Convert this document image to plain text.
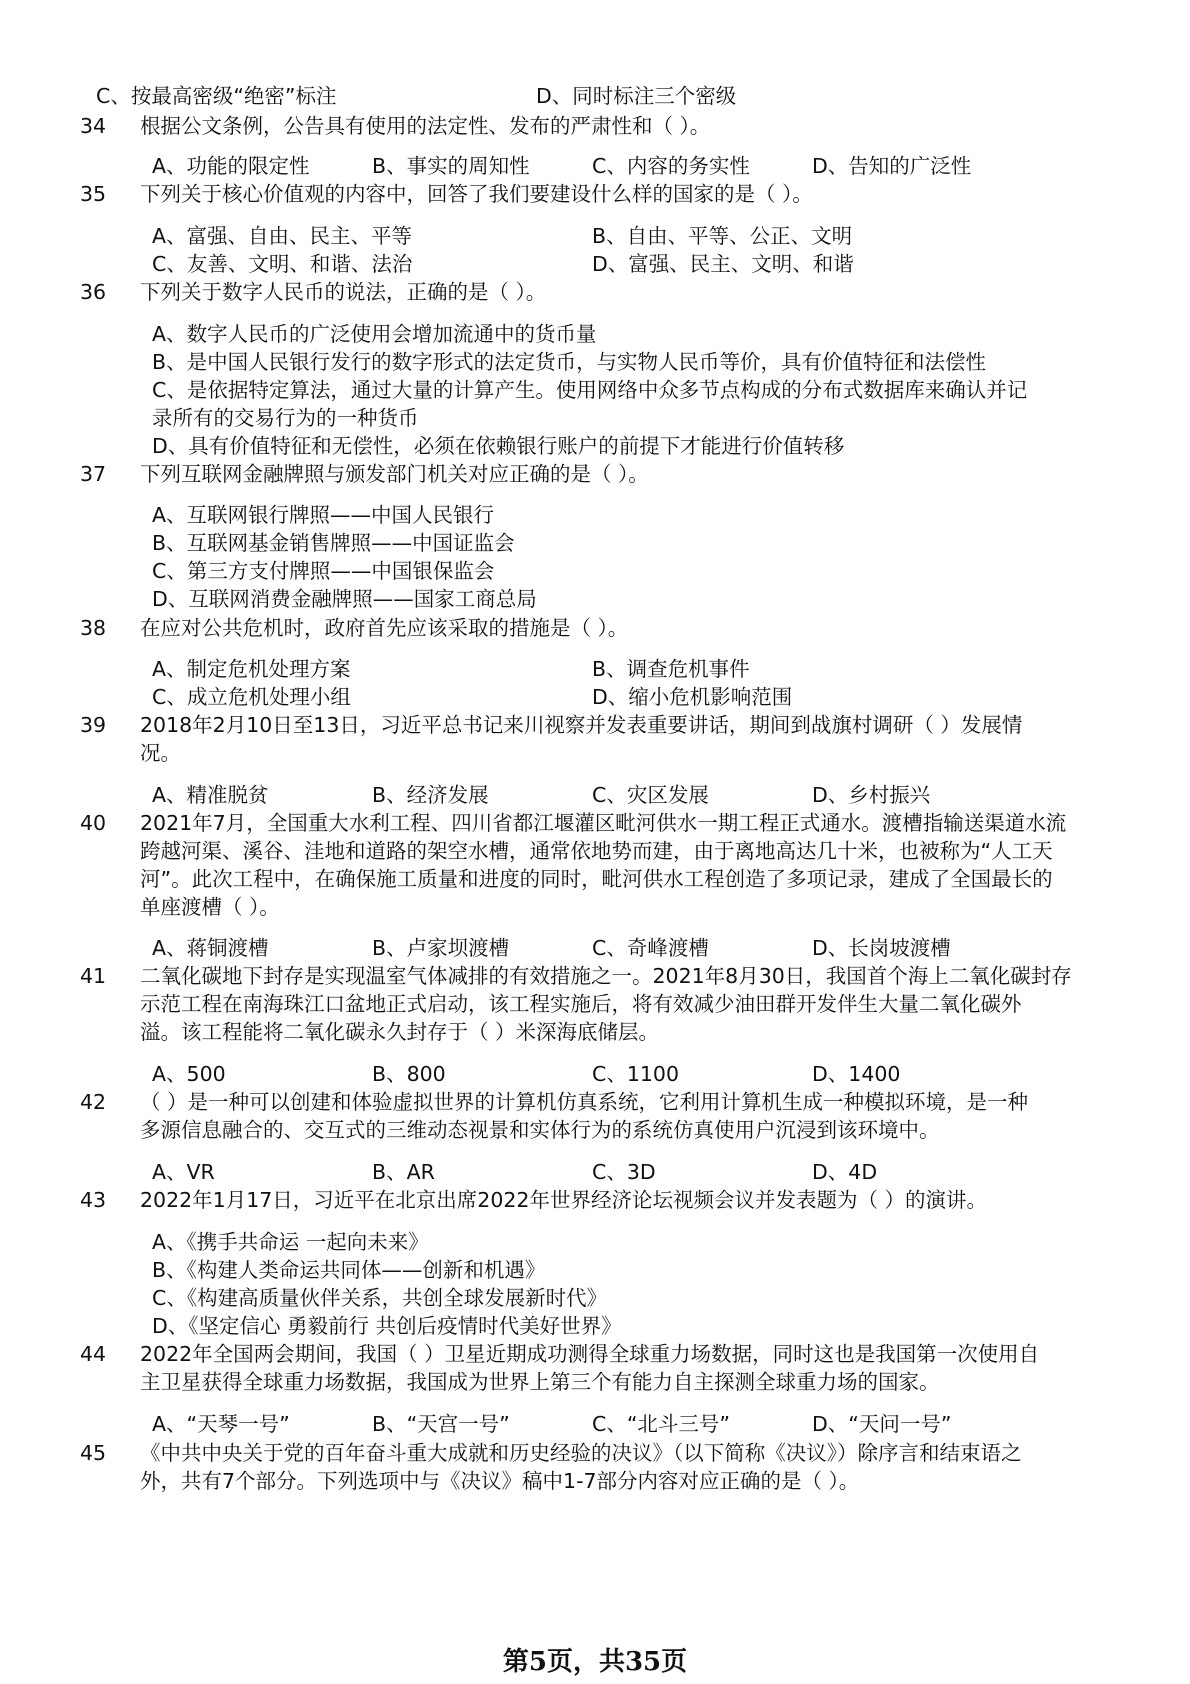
C、按最高密级“绝密”标注	D、同时标注三个密级
34 根据公文条例，公告具有使用的法定性、发布的严肃性和（ ）。
A、功能的限定性	B、事实的周知性	C、内容的务实性	D、告知的广泛性
35 下列关于核心价值观的内容中，回答了我们要建设什么样的国家的是（ ）。
A、富强、自由、民主、平等	B、自由、平等、公正、文明
C、友善、文明、和谐、法治	D、富强、民主、文明、和谐
36 下列关于数字人民币的说法，正确的是（ ）。
A、数字人民币的广泛使用会增加流通中的货币量
B、是中国人民银行发行的数字形式的法定货币，与实物人民币等价，具有价值特征和法偿性
C、是依据特定算法，通过大量的计算产生。使用网络中众多节点构成的分布式数据库来确认并记
录所有的交易行为的一种货币
D、具有价值特征和无偿性，必须在依赖银行账户的前提下才能进行价值转移
37 下列互联网金融牌照与颁发部门机关对应正确的是（ ）。
A、互联网银行牌照——中国人民银行
B、互联网基金销售牌照——中国证监会
C、第三方支付牌照——中国银保监会
D、互联网消费金融牌照——国家工商总局
38 在应对公共危机时，政府首先应该采取的措施是（ ）。
A、制定危机处理方案	B、调查危机事件
C、成立危机处理小组	D、缩小危机影响范围
39 2018年2月10日至13日，习近平总书记来川视察并发表重要讲话，期间到战旗村调研（ ）发展情
况。
A、精准脱贫	B、经济发展	C、灾区发展	D、乡村振兴
40 2021年7月，全国重大水利工程、四川省都江堰灌区毗河供水一期工程正式通水。渡槽指输送渠道水流
跨越河渠、溪谷、洼地和道路的架空水槽，通常依地势而建，由于离地高达几十米，也被称为“人工天
河”。此次工程中，在确保施工质量和进度的同时，毗河供水工程创造了多项记录，建成了全国最长的
单座渡槽（ ）。
A、蒋铜渡槽	B、卢家坝渡槽	C、奇峰渡槽	D、长岗坡渡槽
41 二氧化碳地下封存是实现温室气体减排的有效措施之一。2021年8月30日，我国首个海上二氧化碳封存
示范工程在南海珠江口盆地正式启动，该工程实施后，将有效减少油田群开发伴生大量二氧化碳外
溢。该工程能将二氧化碳永久封存于（ ）米深海底储层。
A、500	B、800	C、1100	D、1400
42 （ ）是一种可以创建和体验虚拟世界的计算机仿真系统，它利用计算机生成一种模拟环境，是一种
多源信息融合的、交互式的三维动态视景和实体行为的系统仿真使用户沉浸到该环境中。
A、VR	B、AR	C、3D	D、4D
43 2022年1月17日，习近平在北京出席2022年世界经济论坛视频会议并发表题为（ ）的演讲。
A、《携手共命运 一起向未来》
B、《构建人类命运共同体——创新和机遇》
C、《构建高质量伙伴关系，共创全球发展新时代》
D、《坚定信心 勇毅前行 共创后疫情时代美好世界》
44 2022年全国两会期间，我国（ ）卫星近期成功测得全球重力场数据，同时这也是我国第一次使用自
主卫星获得全球重力场数据，我国成为世界上第三个有能力自主探测全球重力场的国家。
A、“天琴一号”	B、“天宫一号”	C、“北斗三号”	D、“天问一号”
45 《中共中央关于党的百年奋斗重大成就和历史经验的决议》（以下简称《决议》）除序言和结束语之
外，共有7个部分。下列选项中与《决议》稿中1-7部分内容对应正确的是（ ）。
第5页，共35页
